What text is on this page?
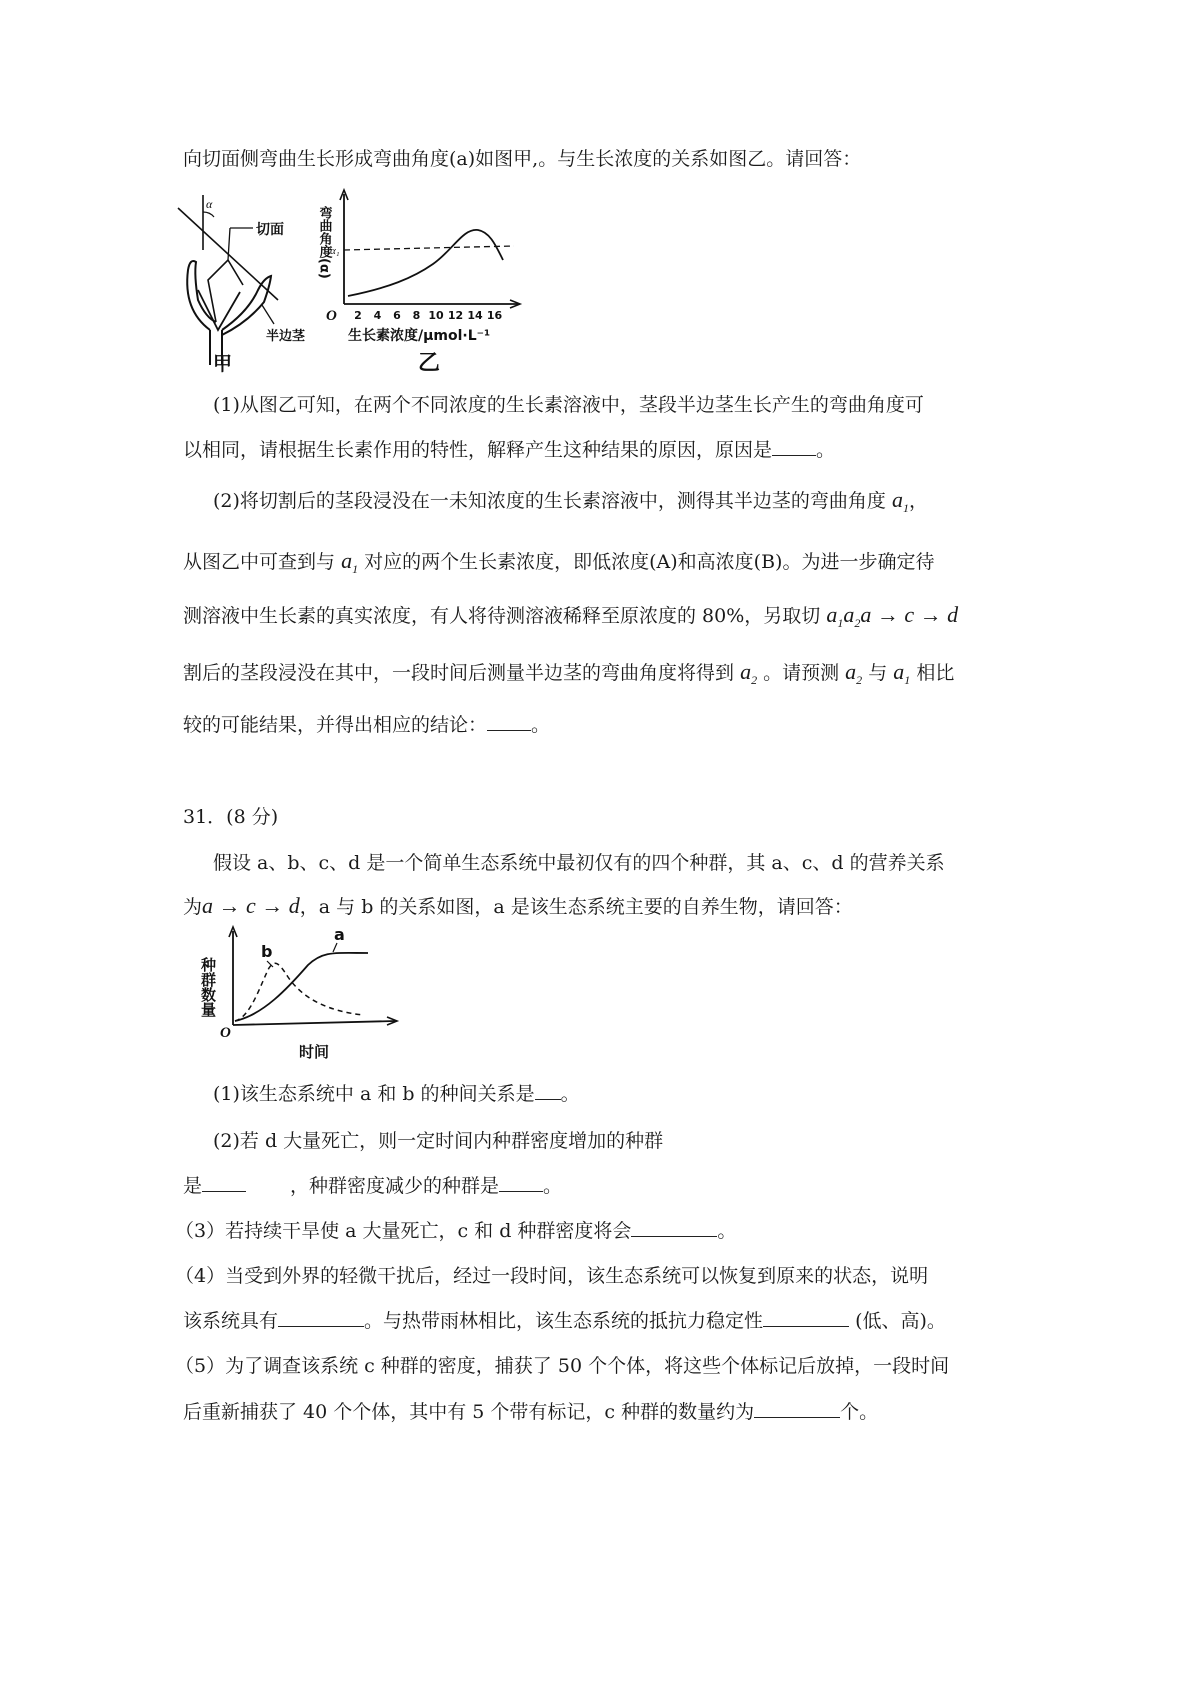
向切面侧弯曲生长形成弯曲角度(a)如图甲,。与生长浓度的关系如图乙。请回答：
α
切面
半边茎
甲
弯曲角度(α)
α₁
O 2 4 6 8 10 12 14 16
生长素浓度/μmol·L⁻¹
乙
(1)从图乙可知，在两个不同浓度的生长素溶液中，茎段半边茎生长产生的弯曲角度可
以相同，请根据生长素作用的特性，解释产生这种结果的原因，原因是 。
(2)将切割后的茎段浸没在一未知浓度的生长素溶液中，测得其半边茎的弯曲角度 $a_1$，
从图乙中可查到与 $a_1$ 对应的两个生长素浓度，即低浓度(A)和高浓度(B)。为进一步确定待
测溶液中生长素的真实浓度，有人将待测溶液稀释至原浓度的 80%，另取切 $a_1a_2a \to c \to d$
割后的茎段浸没在其中，一段时间后测量半边茎的弯曲角度将得到 $a_2$ 。请预测 $a_2$ 与 $a_1$ 相比
较的可能结果，并得出相应的结论： 。
31．(8 分)
假设 a、b、c、d 是一个简单生态系统中最初仅有的四个种群，其 a、c、d 的营养关系
为a → c → d，a 与 b 的关系如图，a 是该生态系统主要的自养生物，请回答：
种群数量
b
a
O
时间
(1)该生态系统中 a 和 b 的种间关系是 。
(2)若 d 大量死亡，则一定时间内种群密度增加的种群
是	，种群密度减少的种群是 。
（3）若持续干旱使 a 大量死亡，c 和 d 种群密度将会	。
（4）当受到外界的轻微干扰后，经过一段时间，该生态系统可以恢复到原来的状态，说明
该系统具有	。与热带雨林相比，该生态系统的抵抗力稳定性	(低、高)。
（5）为了调查该系统 c 种群的密度，捕获了 50 个个体，将这些个体标记后放掉，一段时间
后重新捕获了 40 个个体，其中有 5 个带有标记，c 种群的数量约为	个。
